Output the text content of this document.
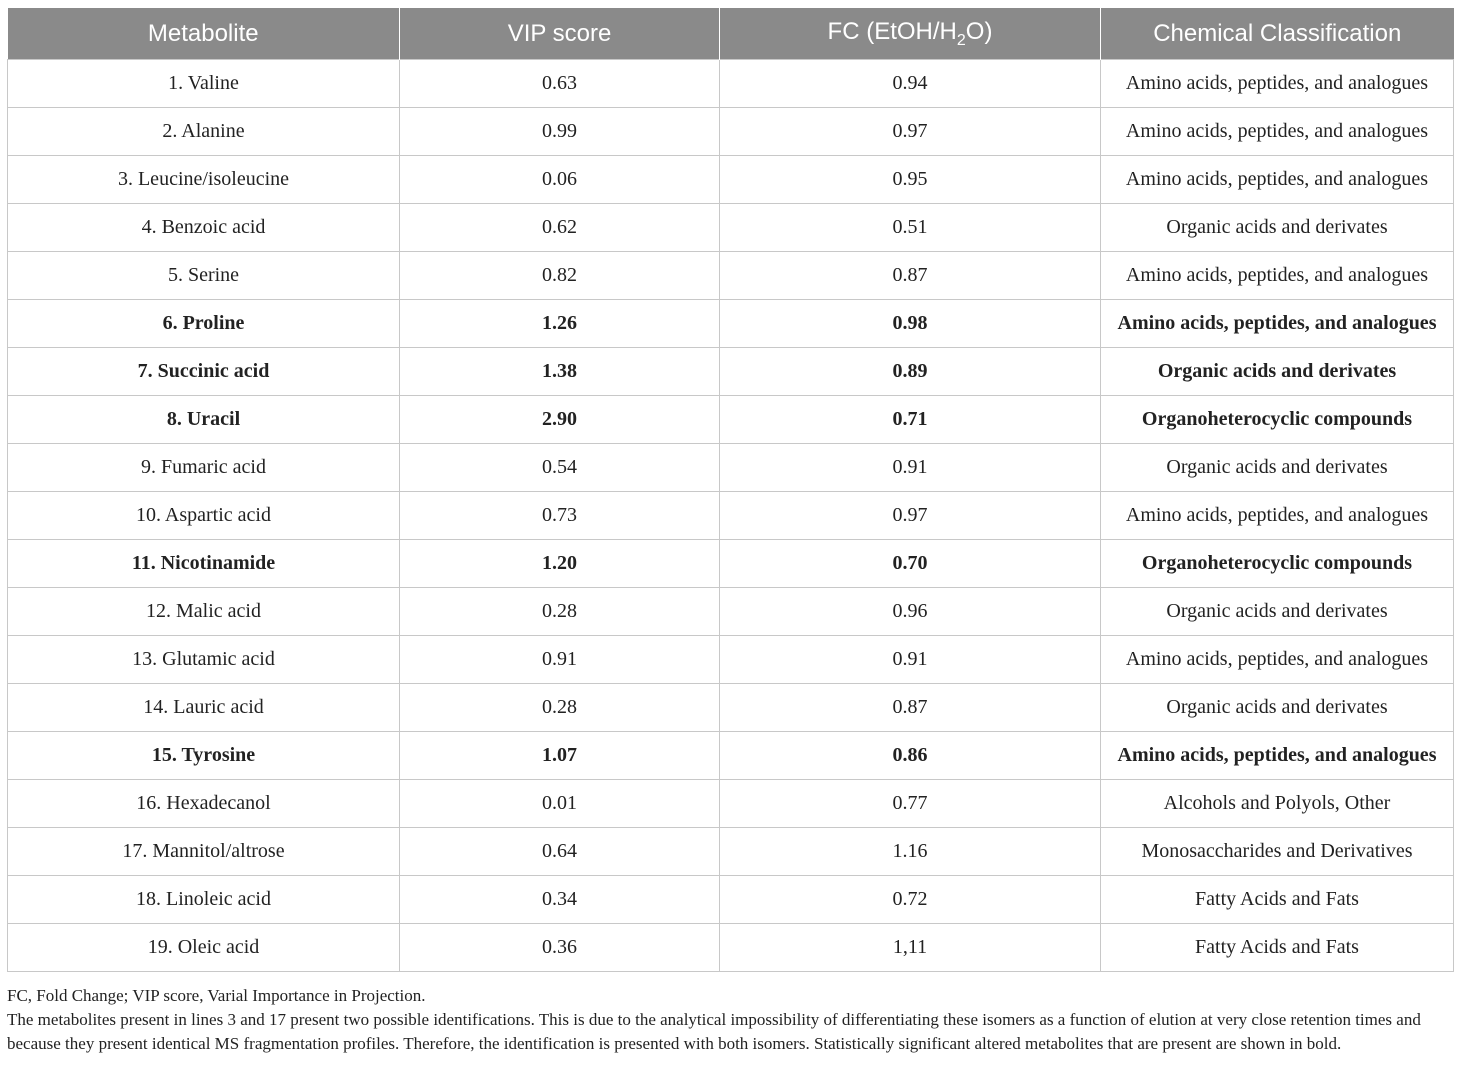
Metabolite	VIP score	FC $(EtOH/H_2O)$	Chemical Classification
1. Valine	0.63	0.94	Amino acids, peptides, and analogues
2. Alanine	0.99	0.97	Amino acids, peptides, and analogues
3. Leucine/isoleucine	0.06	0.95	Amino acids, peptides, and analogues
4. Benzoic acid	0.62	0.51	Organic acids and derivates
5. Serine	0.82	0.87	Amino acids, peptides, and analogues
6. Proline	1.26	0.98	Amino acids, peptides, and analogues
7. Succinic acid	1.38	0.89	Organic acids and derivates
8. Uracil	2.90	0.71	Organoheterocyclic compounds
9. Fumaric acid	0.54	0.91	Organic acids and derivates
10. Aspartic acid	0.73	0.97	Amino acids, peptides, and analogues
11. Nicotinamide	1.20	0.70	Organoheterocyclic compounds
12. Malic acid	0.28	0.96	Organic acids and derivates
13. Glutamic acid	0.91	0.91	Amino acids, peptides, and analogues
14. Lauric acid	0.28	0.87	Organic acids and derivates
15. Tyrosine	1.07	0.86	Amino acids, peptides, and analogues
16. Hexadecanol	0.01	0.77	Alcohols and Polyols, Other
17. Mannitol/altrose	0.64	1.16	Monosaccharides and Derivatives
18. Linoleic acid	0.34	0.72	Fatty Acids and Fats
19. Oleic acid	0.36	1,11	Fatty Acids and Fats

FC, Fold Change; VIP score, Varial Importance in Projection.

The metabolites present in lines 3 and 17 present two possible identifications. This is due to the analytical impossibility of differentiating these isomers as a function of elution at very close retention times and because they present identical MS fragmentation profiles. Therefore, the identification is presented with both isomers. Statistically significant altered metabolites that are present are shown in bold.
